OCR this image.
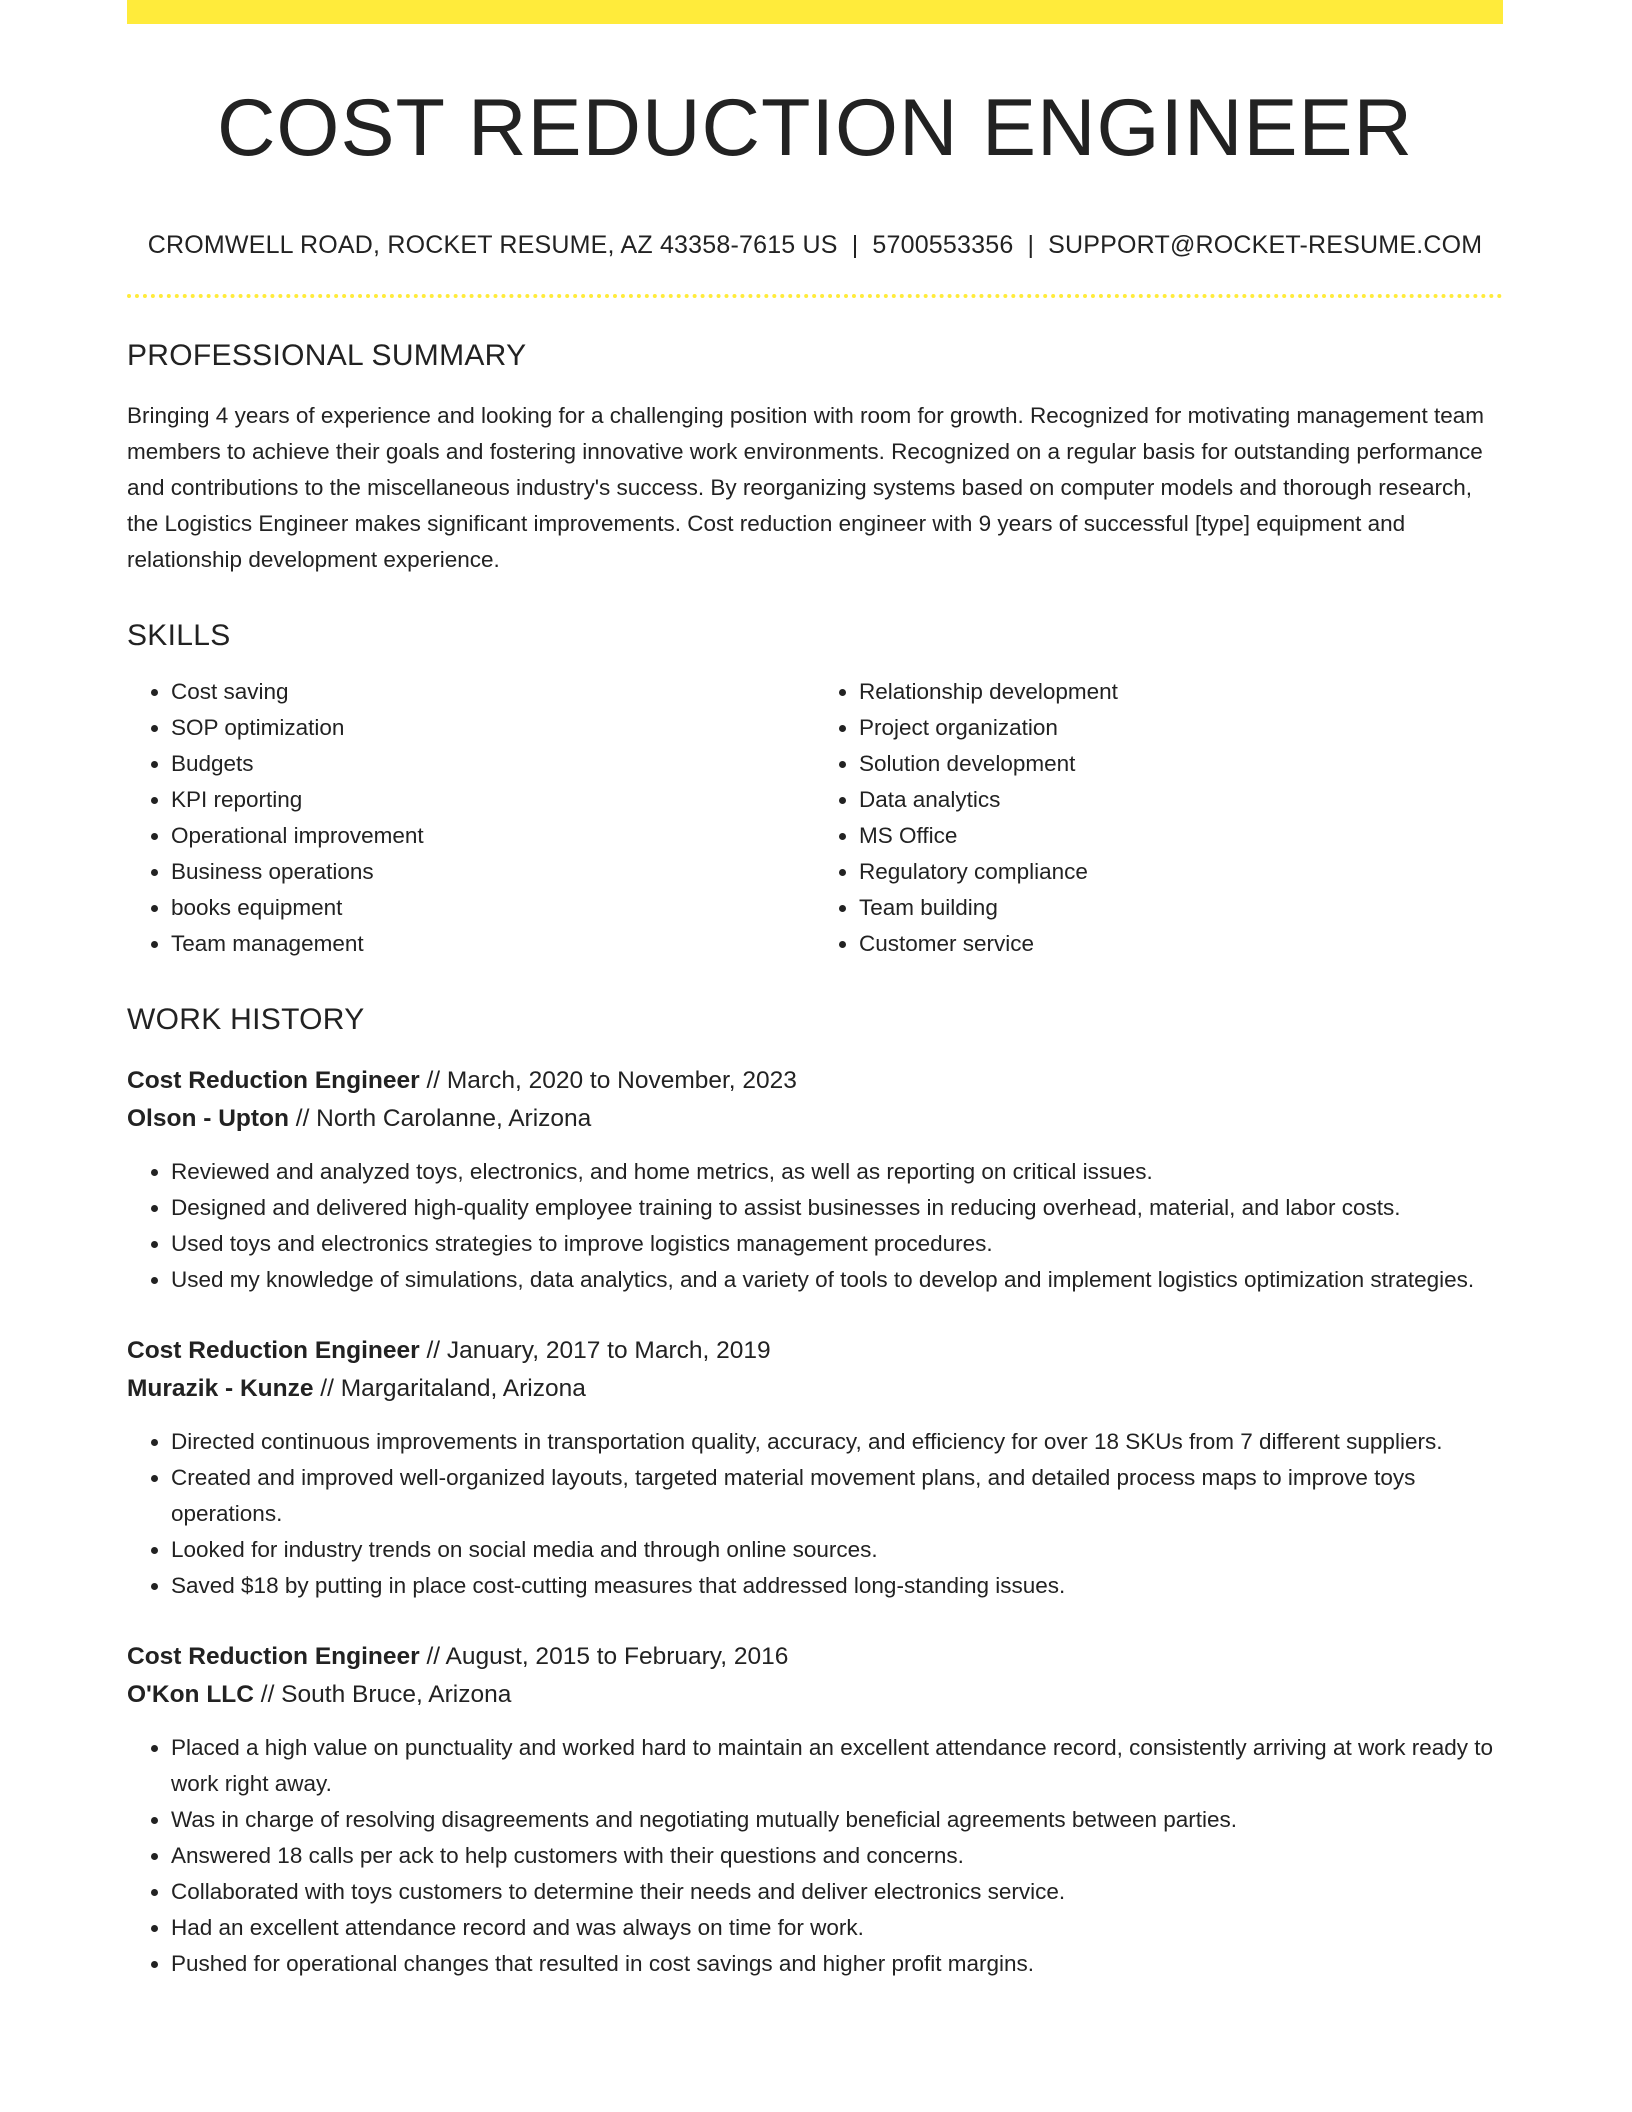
COST REDUCTION ENGINEER
CROMWELL ROAD, ROCKET RESUME, AZ 43358-7615 US | 5700553356 | SUPPORT@ROCKET-RESUME.COM
PROFESSIONAL SUMMARY
Bringing 4 years of experience and looking for a challenging position with room for growth. Recognized for motivating management team members to achieve their goals and fostering innovative work environments. Recognized on a regular basis for outstanding performance and contributions to the miscellaneous industry's success. By reorganizing systems based on computer models and thorough research, the Logistics Engineer makes significant improvements. Cost reduction engineer with 9 years of successful [type] equipment and relationship development experience.
SKILLS
• Cost saving
• SOP optimization
• Budgets
• KPI reporting
• Operational improvement
• Business operations
• books equipment
• Team management
• Relationship development
• Project organization
• Solution development
• Data analytics
• MS Office
• Regulatory compliance
• Team building
• Customer service
WORK HISTORY
Cost Reduction Engineer // March, 2020 to November, 2023
Olson - Upton // North Carolanne, Arizona
• Reviewed and analyzed toys, electronics, and home metrics, as well as reporting on critical issues.
• Designed and delivered high-quality employee training to assist businesses in reducing overhead, material, and labor costs.
• Used toys and electronics strategies to improve logistics management procedures.
• Used my knowledge of simulations, data analytics, and a variety of tools to develop and implement logistics optimization strategies.
Cost Reduction Engineer // January, 2017 to March, 2019
Murazik - Kunze // Margaritaland, Arizona
• Directed continuous improvements in transportation quality, accuracy, and efficiency for over 18 SKUs from 7 different suppliers.
• Created and improved well-organized layouts, targeted material movement plans, and detailed process maps to improve toys operations.
• Looked for industry trends on social media and through online sources.
• Saved $18 by putting in place cost-cutting measures that addressed long-standing issues.
Cost Reduction Engineer // August, 2015 to February, 2016
O'Kon LLC // South Bruce, Arizona
• Placed a high value on punctuality and worked hard to maintain an excellent attendance record, consistently arriving at work ready to work right away.
• Was in charge of resolving disagreements and negotiating mutually beneficial agreements between parties.
• Answered 18 calls per ack to help customers with their questions and concerns.
• Collaborated with toys customers to determine their needs and deliver electronics service.
• Had an excellent attendance record and was always on time for work.
• Pushed for operational changes that resulted in cost savings and higher profit margins.
